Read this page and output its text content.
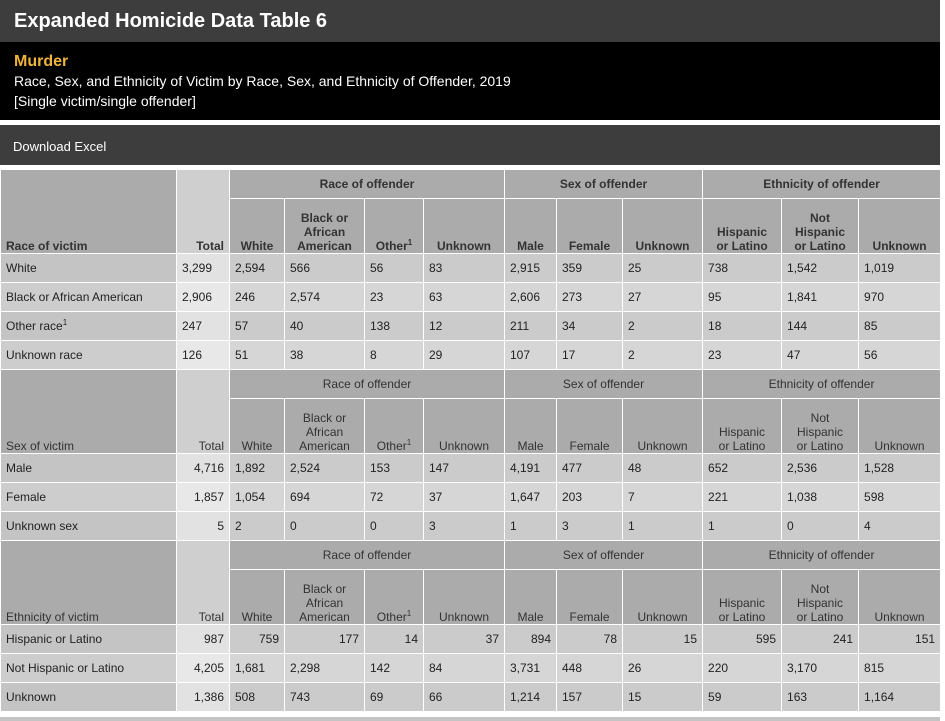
Expanded Homicide Data Table 6
Murder
Race, Sex, and Ethnicity of Victim by Race, Sex, and Ethnicity of Offender, 2019
[Single victim/single offender]
Download Excel
Race of victim	Total	Race of offender				Sex of offender			Ethnicity of offender		
		White	Black or
African
American	Other$^1$	Unknown	Male	Female	Unknown	Hispanic
or Latino	Not
Hispanic
or Latino	Unknown
White	3,299	2,594	566	56	83	2,915	359	25	738	1,542	1,019
Black or African American	2,906	246	2,574	23	63	2,606	273	27	95	1,841	970
Other race$^1$	247	57	40	138	12	211	34	2	18	144	85
Unknown race	126	51	38	8	29	107	17	2	23	47	56
Sex of victim	Total	Race of offender				Sex of offender			Ethnicity of offender		
		White	Black or
African
American	Other$^1$	Unknown	Male	Female	Unknown	Hispanic
or Latino	Not
Hispanic
or Latino	Unknown
Male	4,716	1,892	2,524	153	147	4,191	477	48	652	2,536	1,528
Female	1,857	1,054	694	72	37	1,647	203	7	221	1,038	598
Unknown sex	5	2	0	0	3	1	3	1	1	0	4
Ethnicity of victim	Total	Race of offender				Sex of offender			Ethnicity of offender		
		White	Black or
African
American	Other$^1$	Unknown	Male	Female	Unknown	Hispanic
or Latino	Not
Hispanic
or Latino	Unknown
Hispanic or Latino	987	759	177	14	37	894	78	15	595	241	151
Not Hispanic or Latino	4,205	1,681	2,298	142	84	3,731	448	26	220	3,170	815
Unknown	1,386	508	743	69	66	1,214	157	15	59	163	1,164
